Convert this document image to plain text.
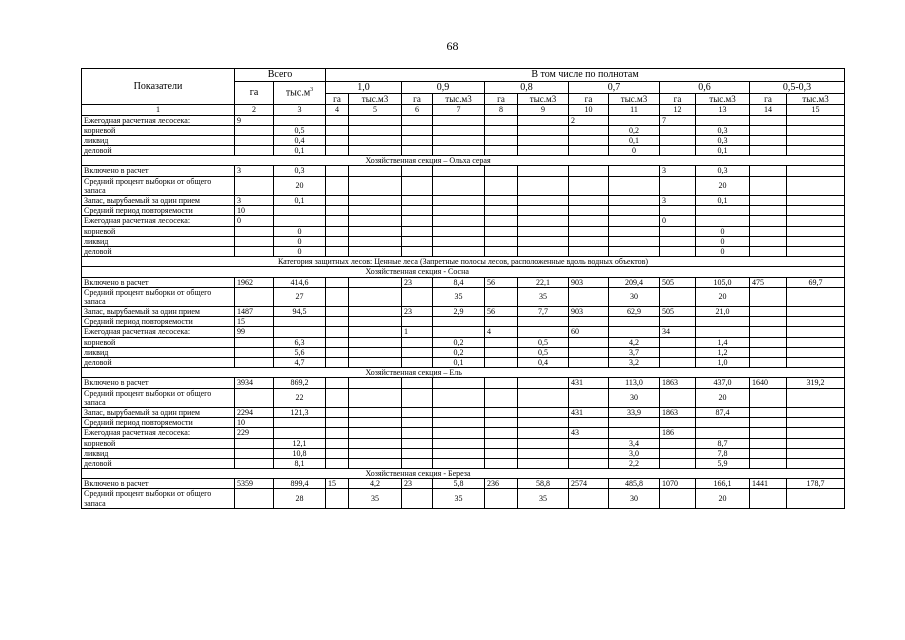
68
Показатели	Всего		В том числе по полнотам											
	га	$тыс.м^3$	1,0		0,9		0,8		0,7		0,6		0,5-0,3	
			га	тыс.м3	га	тыс.м3	га	тыс.м3	га	тыс.м3	га	тыс.м3	га	тыс.м3
1	2	3	4	5	6	7	8	9	10	11	12	13	14	15
Ежегодная расчетная лесосека:	9								2		7			
корневой		0,5								0,2		0,3		
ликвид		0,4								0,1		0,3		
деловой		0,1								0		0,1		
			Хозяйственная секция – Ольха серая											
Включено в расчет	3	0,3									3	0,3		
Средний процент выборки от общего запаса		20										20		
Запас, вырубаемый за один прием	3	0,1									3	0,1		
Средний период повторяемости	10													
Ежегодная расчетная лесосека:	0										0			
корневой		0										0		
ликвид		0										0		
деловой		0										0		
Категория защитных лесов: Ценные леса (Запретные полосы лесов, расположенные вдоль водных объектов)														
			Хозяйственная секция - Сосна											
Включено в расчет	1962	414,6			23	8,4	56	22,1	903	209,4	505	105,0	475	69,7
Средний процент выборки от общего запаса		27				35		35		30		20		
Запас, вырубаемый за один прием	1487	94,5			23	2,9	56	7,7	903	62,9	505	21,0		
Средний период повторяемости	15													
Ежегодная расчетная лесосека:	99				1		4		60		34			
корневой		6,3				0,2		0,5		4,2		1,4		
ликвид		5,6				0,2		0,5		3,7		1,2		
деловой		4,7				0,1		0,4		3,2		1,0		
			Хозяйственная секция – Ель											
Включено в расчет	3934	869,2							431	113,0	1863	437,0	1640	319,2
Средний процент выборки от общего запаса		22								30		20		
Запас, вырубаемый за один прием	2294	121,3							431	33,9	1863	87,4		
Средний период повторяемости	10													
Ежегодная расчетная лесосека:	229								43		186			
корневой		12,1								3,4		8,7		
ликвид		10,8								3,0		7,8		
деловой		8,1								2,2		5,9		
			Хозяйственная секция - Береза											
Включено в расчет	5359	899,4	15	4,2	23	5,8	236	58,8	2574	485,8	1070	166,1	1441	178,7
Средний процент выборки от общего запаса		28		35		35		35		30		20		
